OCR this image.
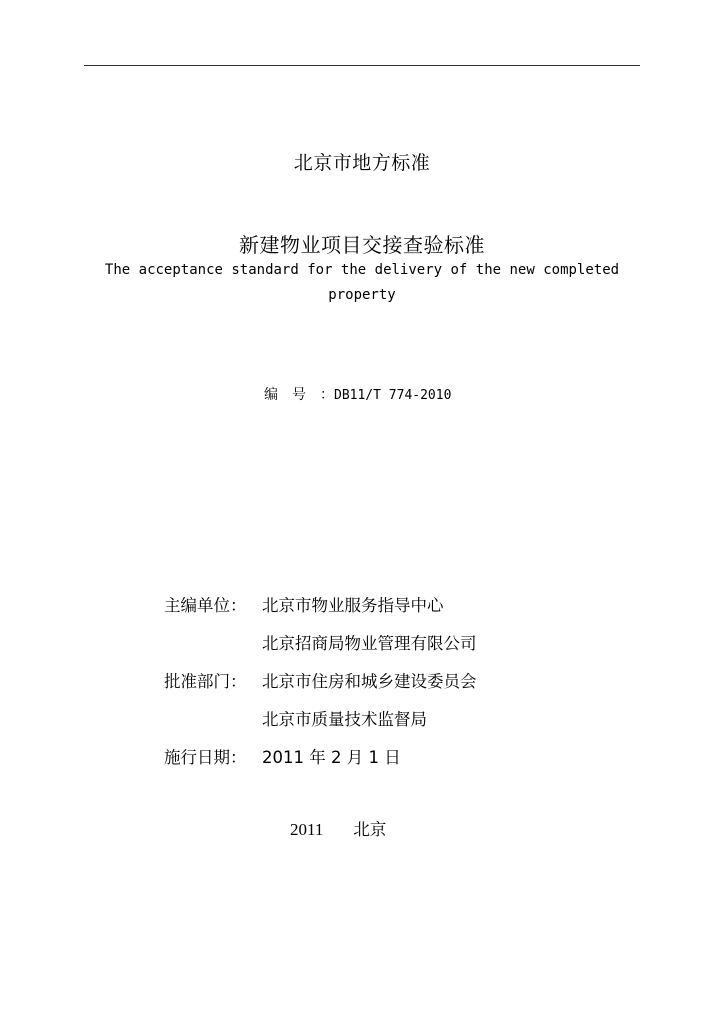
北京市地方标准
新建物业项目交接查验标准
The acceptance standard for the delivery of the new completed property
编号：DB11/T 774-2010
主编单位： 北京市物业服务指导中心
北京招商局物业管理有限公司
批准部门： 北京市住房和城乡建设委员会
北京市质量技术监督局
施行日期： 2011 年 2 月 1 日
2011 北京
